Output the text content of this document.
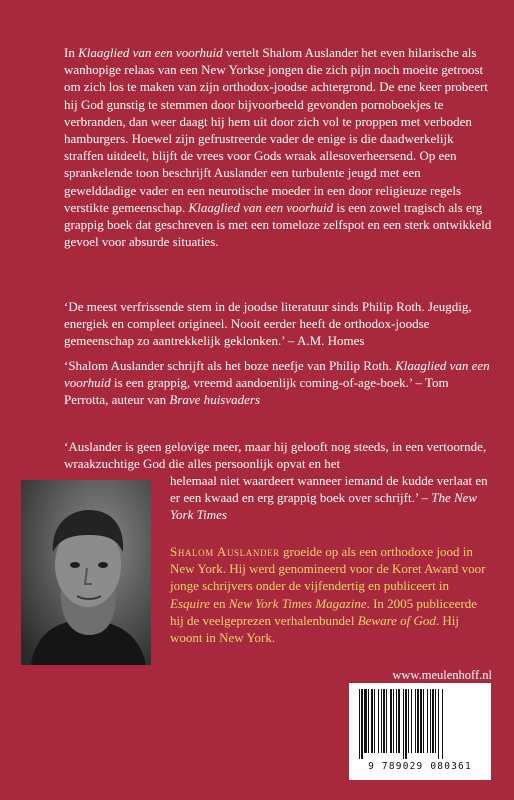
In Klaaglied van een voorhuid vertelt Shalom Auslander het even hilarische als wanhopige relaas van een New Yorkse jongen die zich pijn noch moeite getroost om zich los te maken van zijn orthodox-joodse achtergrond. De ene keer probeert hij God gunstig te stemmen door bijvoorbeeld gevonden pornoboekjes te verbranden, dan weer daagt hij hem uit door zich vol te proppen met verboden hamburgers. Hoewel zijn gefrustreerde vader de enige is die daadwerkelijk straffen uitdeelt, blijft de vrees voor Gods wraak allesoverheersend. Op een sprankelende toon beschrijft Auslander een turbulente jeugd met een gewelddadige vader en een neurotische moeder in een door religieuze regels verstikte gemeenschap. Klaaglied van een voorhuid is een zowel tragisch als erg grappig boek dat geschreven is met een tomeloze zelfspot en een sterk ontwikkeld gevoel voor absurde situaties.
‘De meest verfrissende stem in de joodse literatuur sinds Philip Roth. Jeugdig, energiek en compleet origineel. Nooit eerder heeft de orthodox-joodse gemeenschap zo aantrekkelijk geklonken.’ – A.M. Homes
‘Shalom Auslander schrijft als het boze neefje van Philip Roth. Klaaglied van een voorhuid is een grappig, vreemd aandoenlijk coming-of-age-boek.’ – Tom Perrotta, auteur van Brave huisvaders
‘Auslander is geen gelovige meer, maar hij gelooft nog steeds, in een vertoornde, wraakzuchtige God die alles persoonlijk opvat en het
helemaal niet waardeert wanneer iemand de kudde verlaat en er een kwaad en erg grappig boek over schrijft.’ – The New York Times
Shalom Auslander groeide op als een orthodoxe jood in New York. Hij werd genomineerd voor de Koret Award voor jonge schrijvers onder de vijfendertig en publiceert in Esquire en New York Times Magazine. In 2005 publiceerde hij de veelgeprezen verhalenbundel Beware of God. Hij woont in New York.
www.meulenhoff.nl
9 789029 080361
